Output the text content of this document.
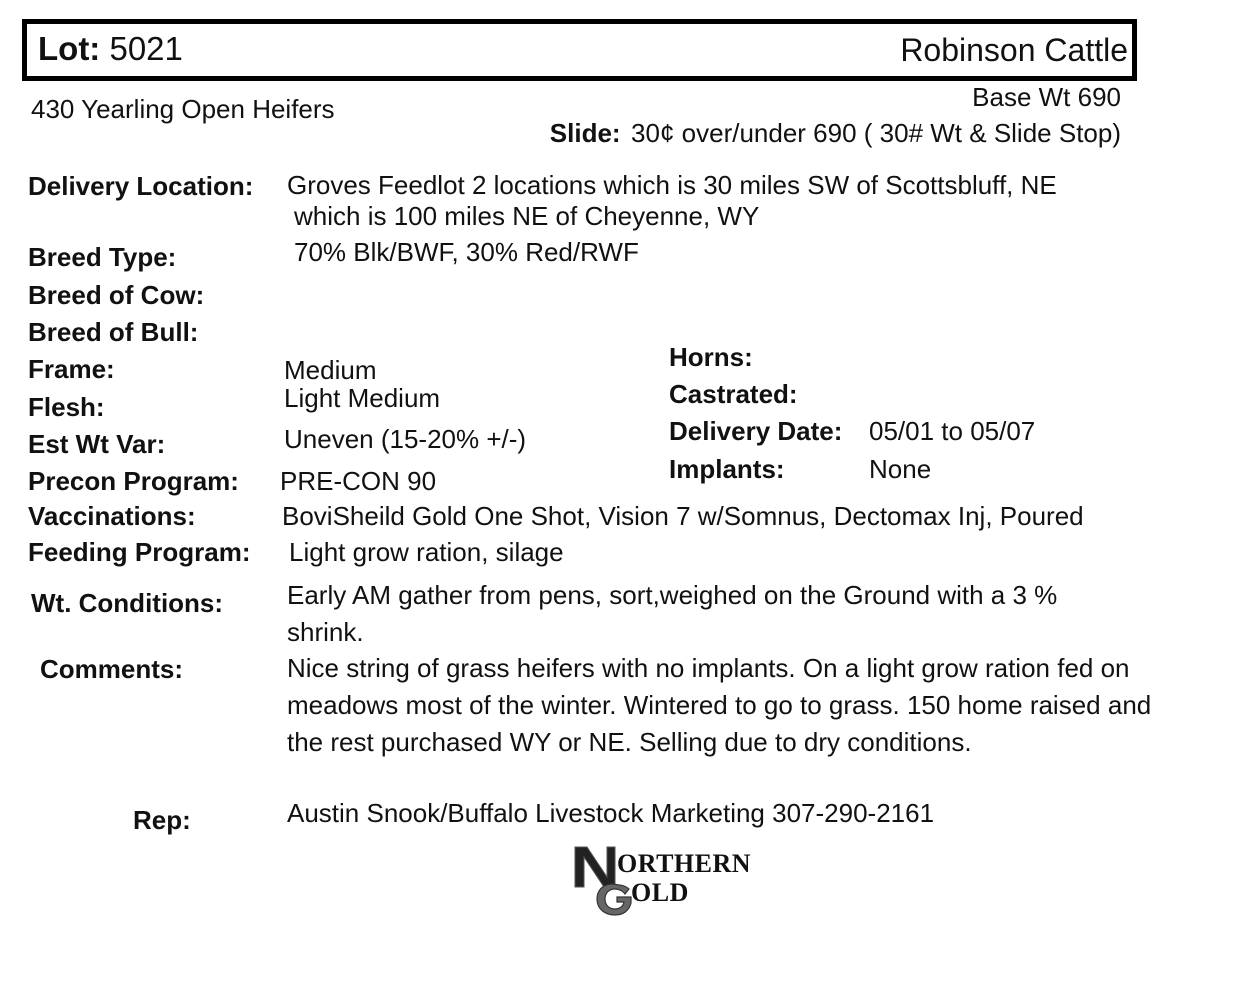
Lot: 5021	Robinson Cattle
430 Yearling Open Heifers	Base Wt 690
Slide: 30¢ over/under 690 ( 30# Wt & Slide Stop)
Delivery Location: Groves Feedlot 2 locations which is 30 miles SW of Scottsbluff, NE
which is 100 miles NE of Cheyenne, WY
Breed Type:	70% Blk/BWF, 30% Red/RWF
Breed of Cow:
Breed of Bull:
Frame:	Medium
Flesh:	Light Medium
Est Wt Var:	Uneven (15-20% +/-)
Precon Program: PRE-CON 90
Horns:
Castrated:
Delivery Date: 05/01 to 05/07
Implants:	None
Vaccinations:	BoviSheild Gold One Shot, Vision 7 w/Somnus, Dectomax Inj, Poured
Feeding Program: Light grow ration, silage
Wt. Conditions: Early AM gather from pens, sort,weighed on the Ground with a 3 % shrink.
Comments:	Nice string of grass heifers with no implants. On a light grow ration fed on meadows most of the winter. Wintered to go to grass. 150 home raised and the rest purchased WY or NE. Selling due to dry conditions.
Rep:	Austin Snook/Buffalo Livestock Marketing 307-290-2161
ORTHERN
OLD
